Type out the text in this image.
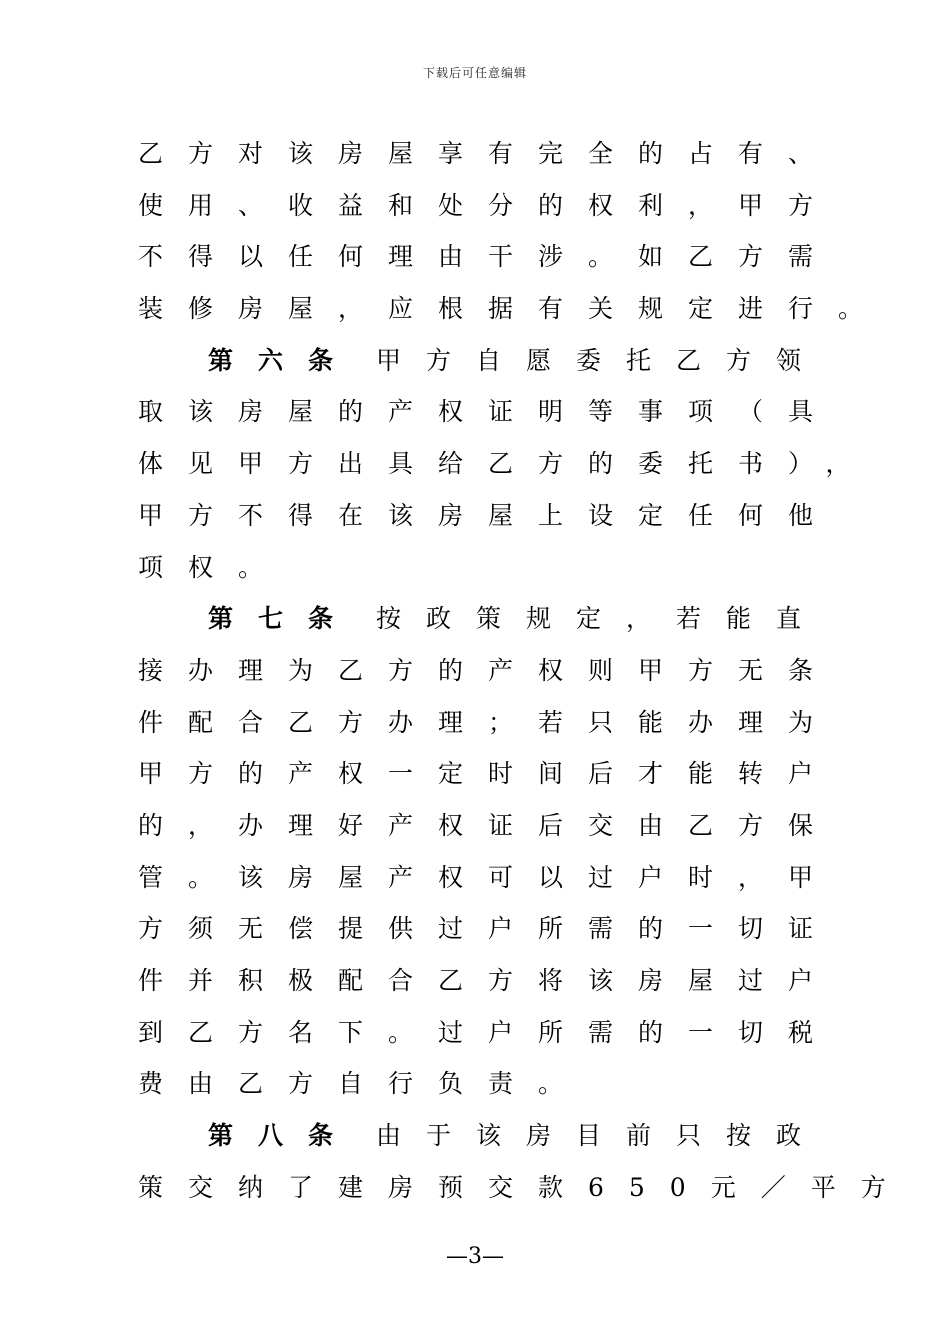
下载后可任意编辑
乙方对该房屋享有完全的占有、
使用、收益和处分的权利，甲方
不得以任何理由干涉。如乙方需
装修房屋，应根据有关规定进行。
第六条 甲方自愿委托乙方领
取该房屋的产权证明等事项（具
体见甲方出具给乙方的委托书），
甲方不得在该房屋上设定任何他
项权。
第七条 按政策规定，若能直
接办理为乙方的产权则甲方无条
件配合乙方办理；若只能办理为
甲方的产权一定时间后才能转户
的，办理好产权证后交由乙方保
管。该房屋产权可以过户时，甲
方须无偿提供过户所需的一切证
件并积极配合乙方将该房屋过户
到乙方名下。过户所需的一切税
费由乙方自行负责。
第八条 由于该房目前只按政
策交纳了建房预交款650元／平方
—3—
